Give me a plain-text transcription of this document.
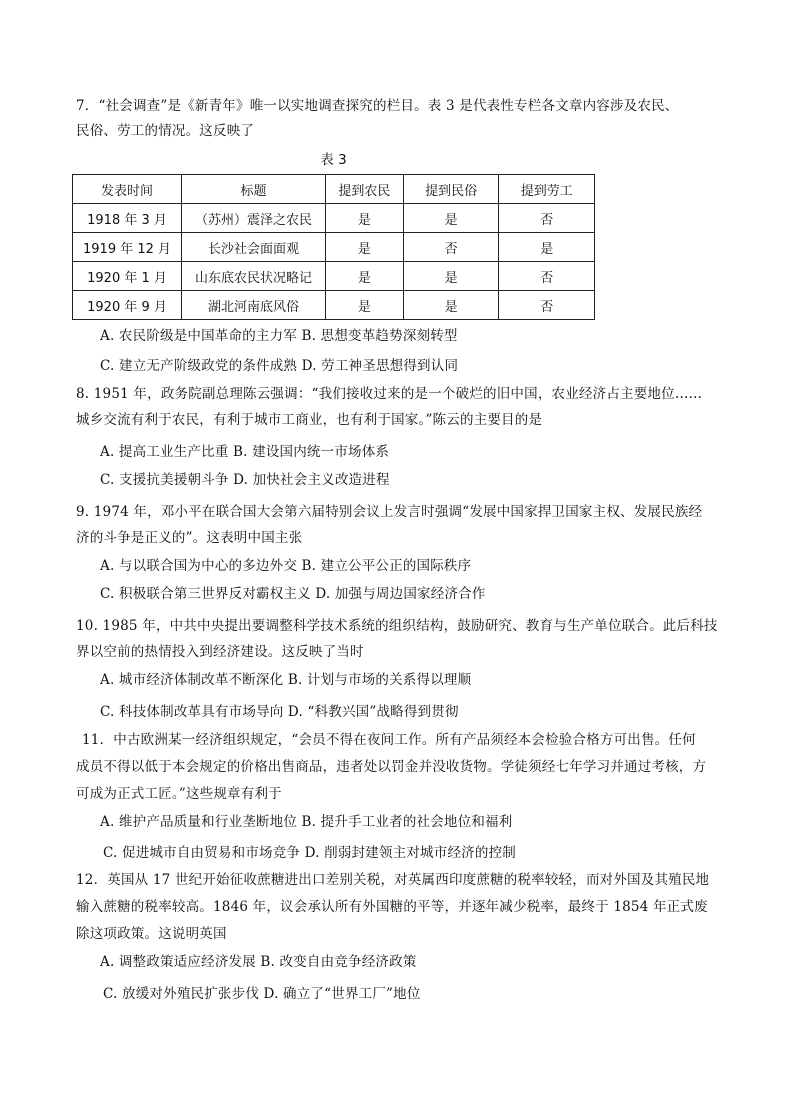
7．“社会调查”是《新青年》唯一以实地调查探究的栏目。表 3 是代表性专栏各文章内容涉及农民、
民俗、劳工的情况。这反映了
表 3
发表时间	标题	提到农民	提到民俗	提到劳工
1918 年 3 月	（苏州）震泽之农民	是	是	否
1919 年 12 月	长沙社会面面观	是	否	是
1920 年 1 月	山东底农民状况略记	是	是	否
1920 年 9 月	湖北河南底风俗	是	是	否
A. 农民阶级是中国革命的主力军 B. 思想变革趋势深刻转型
C. 建立无产阶级政党的条件成熟 D. 劳工神圣思想得到认同
8. 1951 年，政务院副总理陈云强调：“我们接收过来的是一个破烂的旧中国，农业经济占主要地位……
城乡交流有利于农民，有利于城市工商业，也有利于国家。”陈云的主要目的是
A. 提高工业生产比重 B. 建设国内统一市场体系
C. 支援抗美援朝斗争 D. 加快社会主义改造进程
9. 1974 年，邓小平在联合国大会第六届特别会议上发言时强调“发展中国家捍卫国家主权、发展民族经
济的斗争是正义的”。这表明中国主张
A. 与以联合国为中心的多边外交 B. 建立公平公正的国际秩序
C. 积极联合第三世界反对霸权主义 D. 加强与周边国家经济合作
10. 1985 年，中共中央提出要调整科学技术系统的组织结构，鼓励研究、教育与生产单位联合。此后科技
界以空前的热情投入到经济建设。这反映了当时
A. 城市经济体制改革不断深化 B. 计划与市场的关系得以理顺
C. 科技体制改革具有市场导向 D. “科教兴国”战略得到贯彻
11．中古欧洲某一经济组织规定，“会员不得在夜间工作。所有产品须经本会检验合格方可出售。任何
成员不得以低于本会规定的价格出售商品，违者处以罚金并没收货物。学徒须经七年学习并通过考核，方
可成为正式工匠。”这些规章有利于
A. 维护产品质量和行业垄断地位 B. 提升手工业者的社会地位和福利
C. 促进城市自由贸易和市场竞争 D. 削弱封建领主对城市经济的控制
12．英国从 17 世纪开始征收蔗糖进出口差别关税，对英属西印度蔗糖的税率较轻，而对外国及其殖民地
输入蔗糖的税率较高。1846 年，议会承认所有外国糖的平等，并逐年减少税率，最终于 1854 年正式废
除这项政策。这说明英国
A. 调整政策适应经济发展 B. 改变自由竞争经济政策
C. 放缓对外殖民扩张步伐 D. 确立了“世界工厂”地位
